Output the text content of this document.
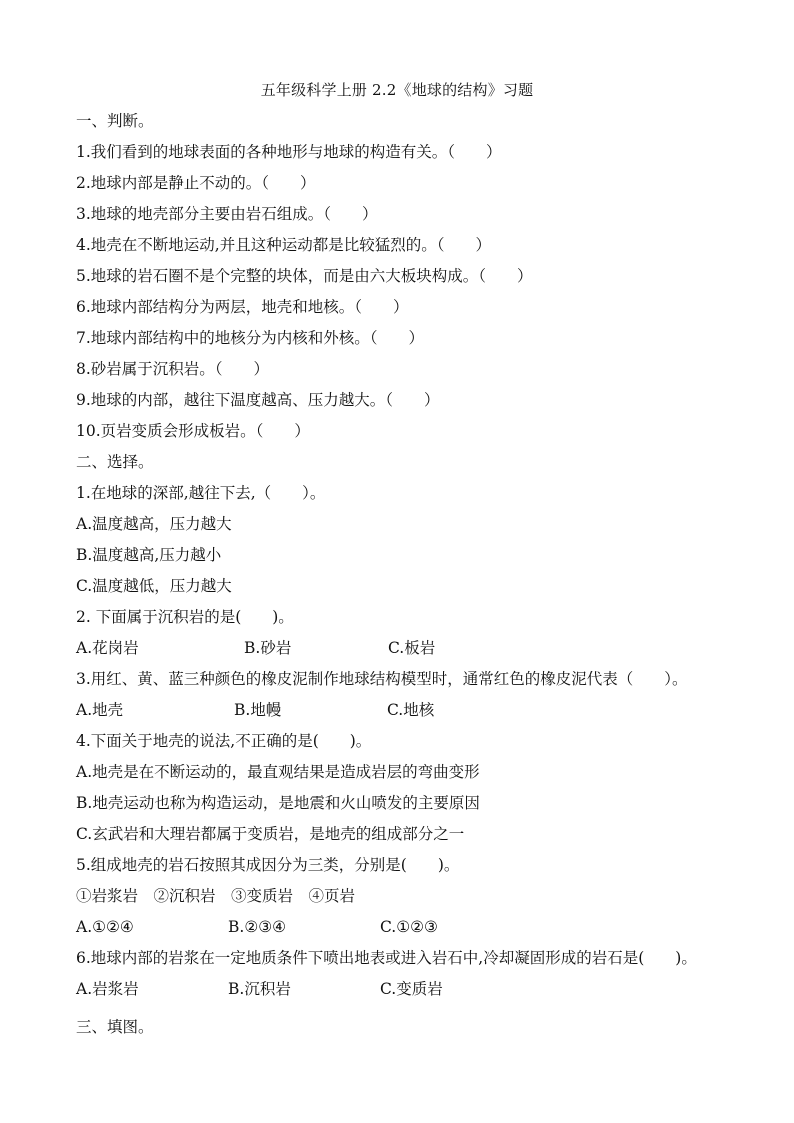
五年级科学上册 2.2《地球的结构》习题
一、判断。
1.我们看到的地球表面的各种地形与地球的构造有关。（　　）
2.地球内部是静止不动的。（　　）
3.地球的地壳部分主要由岩石组成。（　　）
4.地壳在不断地运动,并且这种运动都是比较猛烈的。（　　）
5.地球的岩石圈不是个完整的块体，而是由六大板块构成。（　　）
6.地球内部结构分为两层，地壳和地核。（　　）
7.地球内部结构中的地核分为内核和外核。（　　）
8.砂岩属于沉积岩。（　　）
9.地球的内部，越往下温度越高、压力越大。（　　）
10.页岩变质会形成板岩。（　　）
二、选择。
1.在地球的深部,越往下去,（　　）。
A.温度越高，压力越大
B.温度越高,压力越小
C.温度越低，压力越大
2. 下面属于沉积岩的是(　　)。
A.花岗岩	B.砂岩	C.板岩
3.用红、黄、蓝三种颜色的橡皮泥制作地球结构模型时，通常红色的橡皮泥代表（　　）。
A.地壳	B.地幔	C.地核
4.下面关于地壳的说法,不正确的是(　　)。
A.地壳是在不断运动的，最直观结果是造成岩层的弯曲变形
B.地壳运动也称为构造运动，是地震和火山喷发的主要原因
C.玄武岩和大理岩都属于变质岩，是地壳的组成部分之一
5.组成地壳的岩石按照其成因分为三类，分别是(　　)。
①岩浆岩　②沉积岩　③变质岩　④页岩
A.①②④	B.②③④	C.①②③
6.地球内部的岩浆在一定地质条件下喷出地表或进入岩石中,冷却凝固形成的岩石是(　　)。
A.岩浆岩	B.沉积岩	C.变质岩
三、填图。
